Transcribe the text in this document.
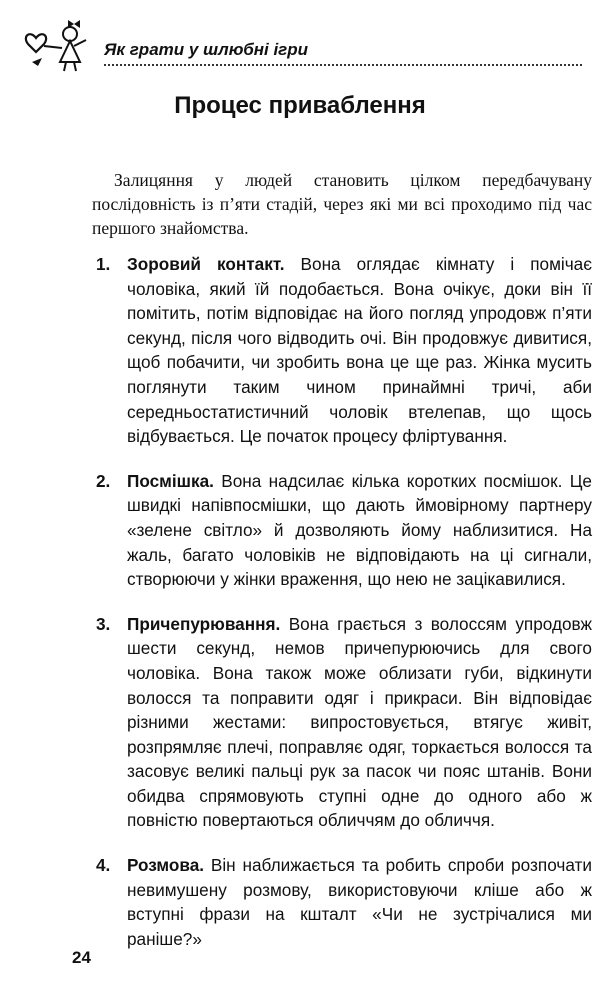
Як грати у шлюбні ігри
Процес приваблення

Залицяння у людей становить цілком передбачувану послідовність із п’яти стадій, через які ми всі проходимо під час першого знайомства.

1. Зоровий контакт. Вона оглядає кімнату і помічає чоловіка, який їй подобається. Вона очікує, доки він її помітить, потім відповідає на його погляд упродовж п’яти секунд, після чого відводить очі. Він продовжує дивитися, щоб побачити, чи зробить вона це ще раз. Жінка мусить поглянути таким чином принаймні тричі, аби середньостатистичний чоловік втелепав, що щось відбувається. Це початок процесу фліртування.
2. Посмішка. Вона надсилає кілька коротких посмішок. Це швидкі напівпосмішки, що дають ймовірному партнеру «зелене світло» й дозволяють йому наблизитися. На жаль, багато чоловіків не відповідають на ці сигнали, створюючи у жінки враження, що нею не зацікавилися.
3. Причепурювання. Вона грається з волоссям упродовж шести секунд, немов причепурюючись для свого чоловіка. Вона також може облизати губи, відкинути волосся та поправити одяг і прикраси. Він відповідає різними жестами: випростовується, втягує живіт, розпрямляє плечі, поправляє одяг, торкається волосся та засовує великі пальці рук за пасок чи пояс штанів. Вони обидва спрямовують ступні одне до одного або ж повністю повертаються обличчям до обличчя.
4. Розмова. Він наближається та робить спроби розпочати невимушену розмову, використовуючи кліше або ж вступні фрази на кшталт «Чи не зустрічалися ми раніше?»
24
